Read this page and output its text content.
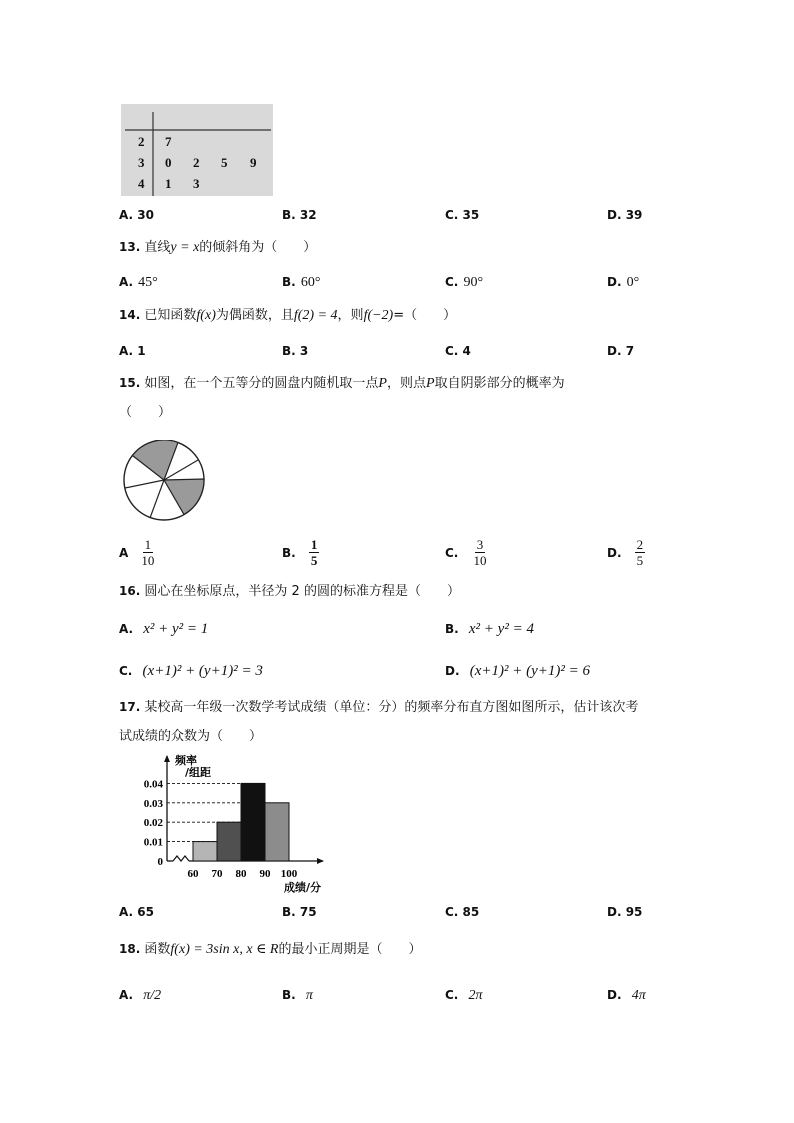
2 7
3 0 2 5 9
4 1 3
A. 30	B. 32	C. 35	D. 39
13. 直线y = x的倾斜角为（　　）
A. 45°	B. 60°	C. 90°	D. 0°
14. 已知函数f(x)为偶函数，且f(2) = 4，则f(−2)=（　　）
A. 1	B. 3	C. 4	D. 7
15. 如图，在一个五等分的圆盘内随机取一点P，则点P取自阴影部分的概率为
（　　）
A $\frac{1}{10}$	B. $\frac{1}{5}$	C. $\frac{3}{10}$	D. $\frac{2}{5}$
16. 圆心在坐标原点，半径为 2 的圆的标准方程是（　　）
A. x² + y² = 1	B. x² + y² = 4
C. (x+1)² + (y+1)² = 3	D. (x+1)² + (y+1)² = 6
17. 某校高一年级一次数学考试成绩（单位：分）的频率分布直方图如图所示，估计该次考
试成绩的众数为（　　）
0.04
0.03
0.02
0.01
0
60 70 80 90 100
频率
/组距
成绩/分
A. 65	B. 75	C. 85	D. 95
18. 函数f(x) = 3sin x, x ∈ R的最小正周期是（　　）
A. π/2	B. π	C. 2π	D. 4π
